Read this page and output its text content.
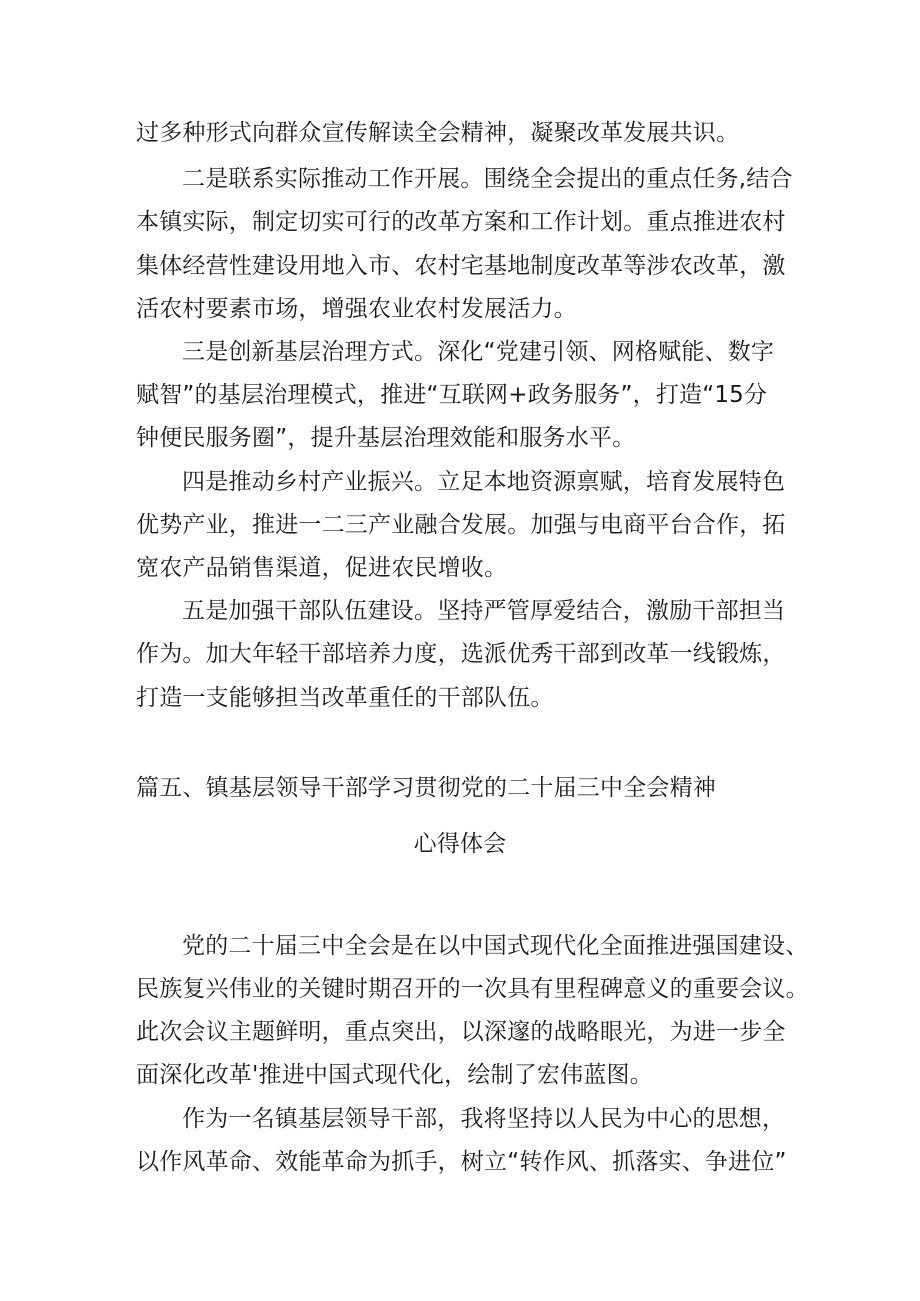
过多种形式向群众宣传解读全会精神，凝聚改革发展共识。
二是联系实际推动工作开展。围绕全会提出的重点任务,结合
本镇实际，制定切实可行的改革方案和工作计划。重点推进农村
集体经营性建设用地入市、农村宅基地制度改革等涉农改革，激
活农村要素市场，增强农业农村发展活力。
三是创新基层治理方式。深化“党建引领、网格赋能、数字
赋智”的基层治理模式，推进“互联网+政务服务”，打造“15分
钟便民服务圈”，提升基层治理效能和服务水平。
四是推动乡村产业振兴。立足本地资源禀赋，培育发展特色
优势产业，推进一二三产业融合发展。加强与电商平台合作，拓
宽农产品销售渠道，促进农民增收。
五是加强干部队伍建设。坚持严管厚爱结合，激励干部担当
作为。加大年轻干部培养力度，选派优秀干部到改革一线锻炼，
打造一支能够担当改革重任的干部队伍。
篇五、镇基层领导干部学习贯彻党的二十届三中全会精神
心得体会
党的二十届三中全会是在以中国式现代化全面推进强国建设、
民族复兴伟业的关键时期召开的一次具有里程碑意义的重要会议。
此次会议主题鲜明，重点突出，以深邃的战略眼光，为进一步全
面深化改革'推进中国式现代化，绘制了宏伟蓝图。
作为一名镇基层领导干部，我将坚持以人民为中心的思想，
以作风革命、效能革命为抓手，树立“转作风、抓落实、争进位”
